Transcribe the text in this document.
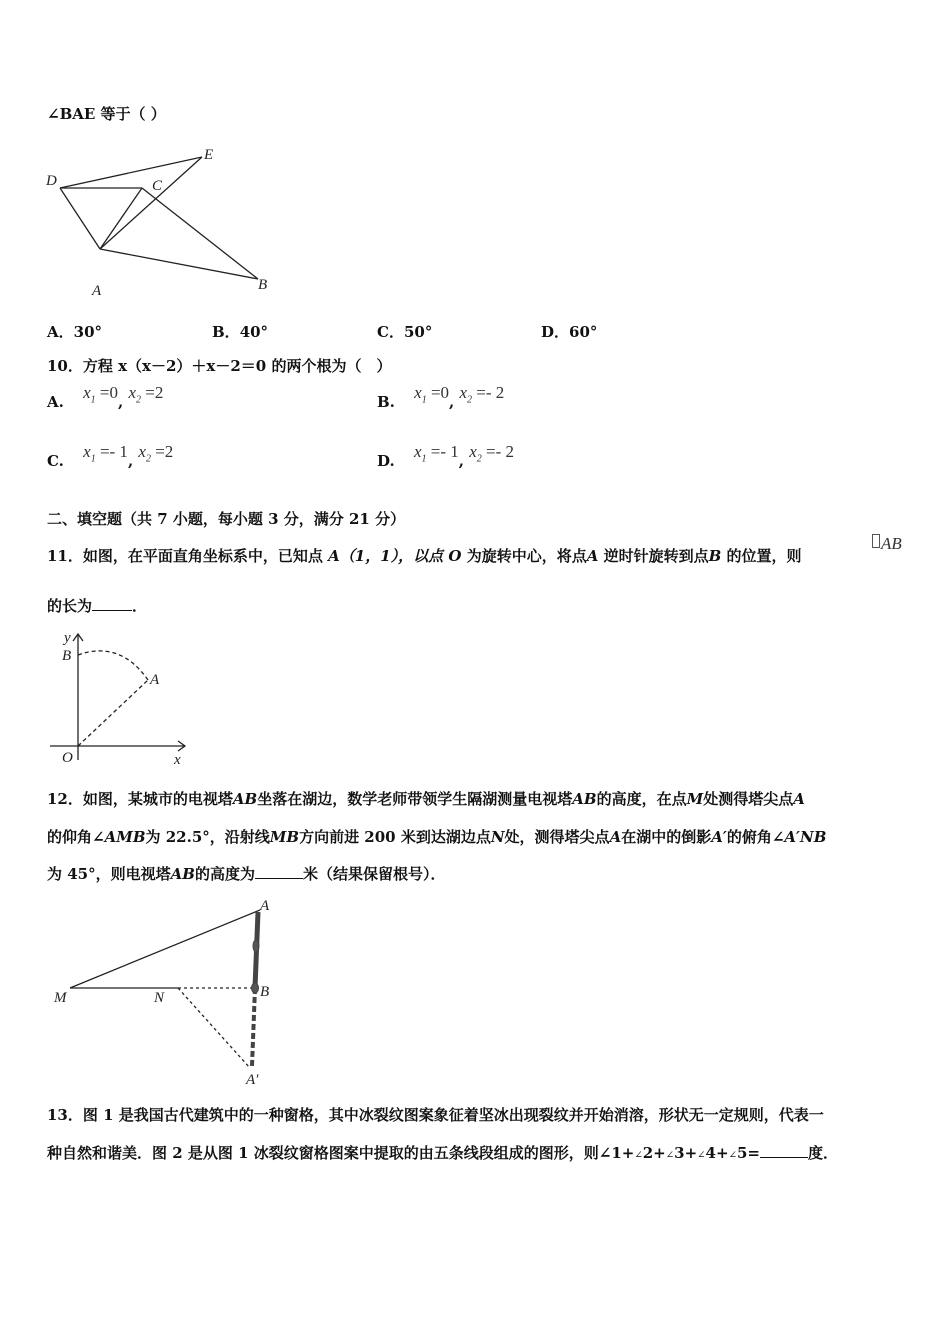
∠BAE 等于（ ）
D
E
C
A	B
A．30°	B．40°	C．50°	D．60°
10．方程 x（x－2）＋x－2＝0 的两个根为（　）
A. $x_1 =0$, $x_2 =2$	B. $x_1 =0$, $x_2 =- 2$
C. $x_1 =- 1$, $x_2 =2$	D. $x_1 =- 1$, $x_2 =- 2$
二、填空题（共 7 小题，每小题 3 分，满分 21 分）
11．如图，在平面直角坐标系中，已知点 A（1，1），以点 O 为旋转中心，将点A 逆时针旋转到点B 的位置，则
AB
的长为	．
y
B
A
O	x
12．如图，某城市的电视塔AB坐落在湖边，数学老师带领学生隔湖测量电视塔AB的高度，在点M处测得塔尖点A
的仰角∠AMB为 22.5°，沿射线MB方向前进 200 米到达湖边点N处，测得塔尖点A在湖中的倒影A′的俯角∠A′NB
为 45°，则电视塔AB的高度为	米（结果保留根号）．
A
M	N	B
A′
13．图 1 是我国古代建筑中的一种窗格，其中冰裂纹图案象征着坚冰出现裂纹并开始消溶，形状无一定规则，代表一
种自然和谐美．图 2 是从图 1 冰裂纹窗格图案中提取的由五条线段组成的图形，则∠1+∠2+∠3+∠4+∠5=	度．
